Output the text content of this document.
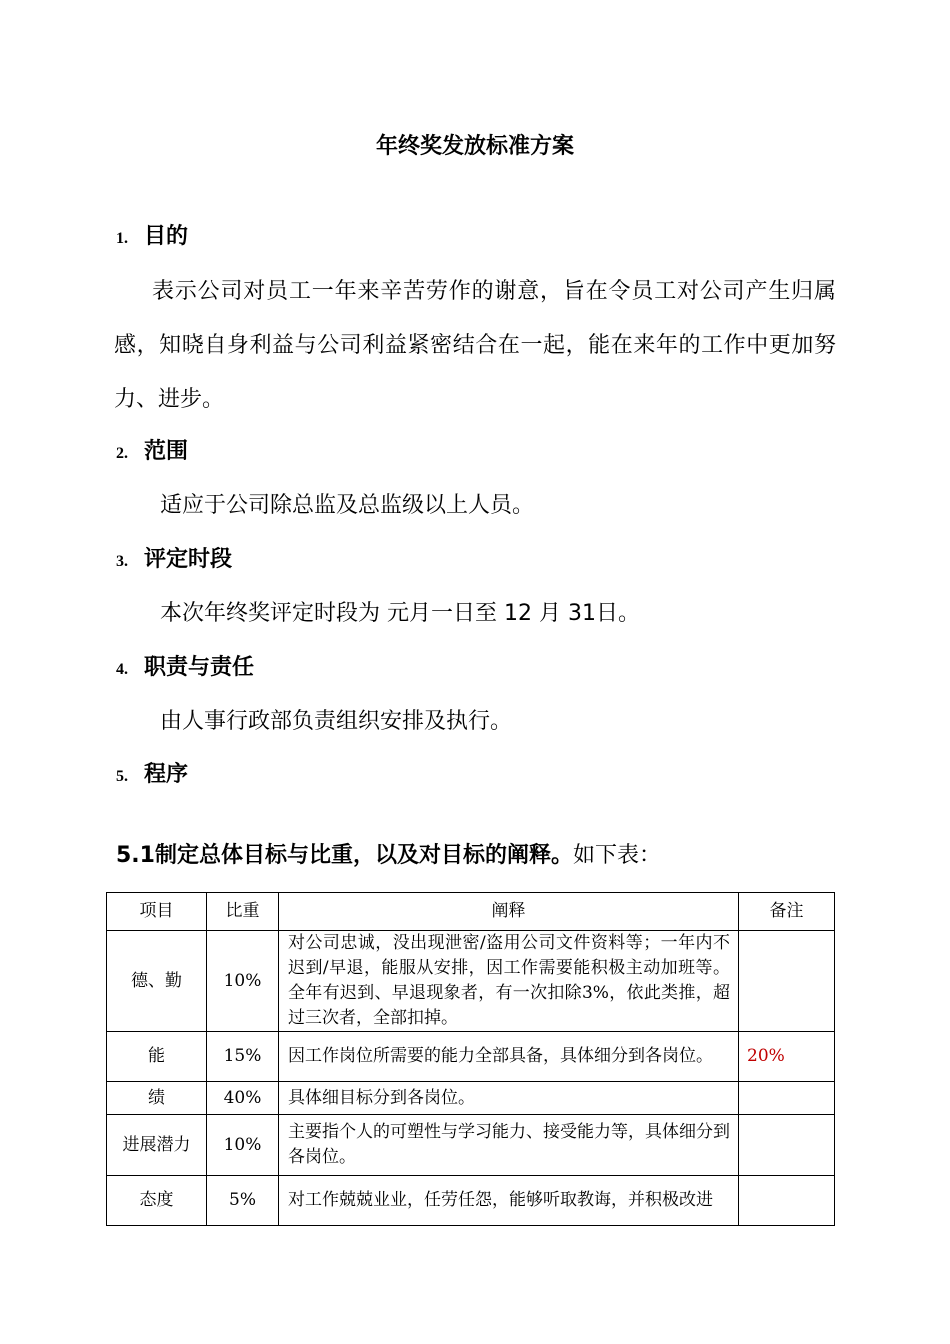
年终奖发放标准方案
1. 目的

表示公司对员工一年来辛苦劳作的谢意，旨在令员工对公司产生归属感，知晓自身利益与公司利益紧密结合在一起，能在来年的工作中更加努力、进步。

2. 范围
适应于公司除总监及总监级以上人员。
3. 评定时段
本次年终奖评定时段为 元月一日至 12 月 31日。
4. 职责与责任
由人事行政部负责组织安排及执行。
5. 程序
5.1制定总体目标与比重，以及对目标的阐释。如下表：
项目	比重	阐释	备注
德、勤	10%	对公司忠诚，没出现泄密/盗用公司文件资料等；一年内不迟到/早退，能服从安排，因工作需要能积极主动加班等。全年有迟到、早退现象者，有一次扣除3%，依此类推，超过三次者，全部扣掉。	
能	15%	因工作岗位所需要的能力全部具备，具体细分到各岗位。	20%
绩	40%	具体细目标分到各岗位。	
进展潜力	10%	主要指个人的可塑性与学习能力、接受能力等，具体细分到各岗位。	
态度	5%	对工作兢兢业业，任劳任怨，能够听取教诲，并积极改进	
